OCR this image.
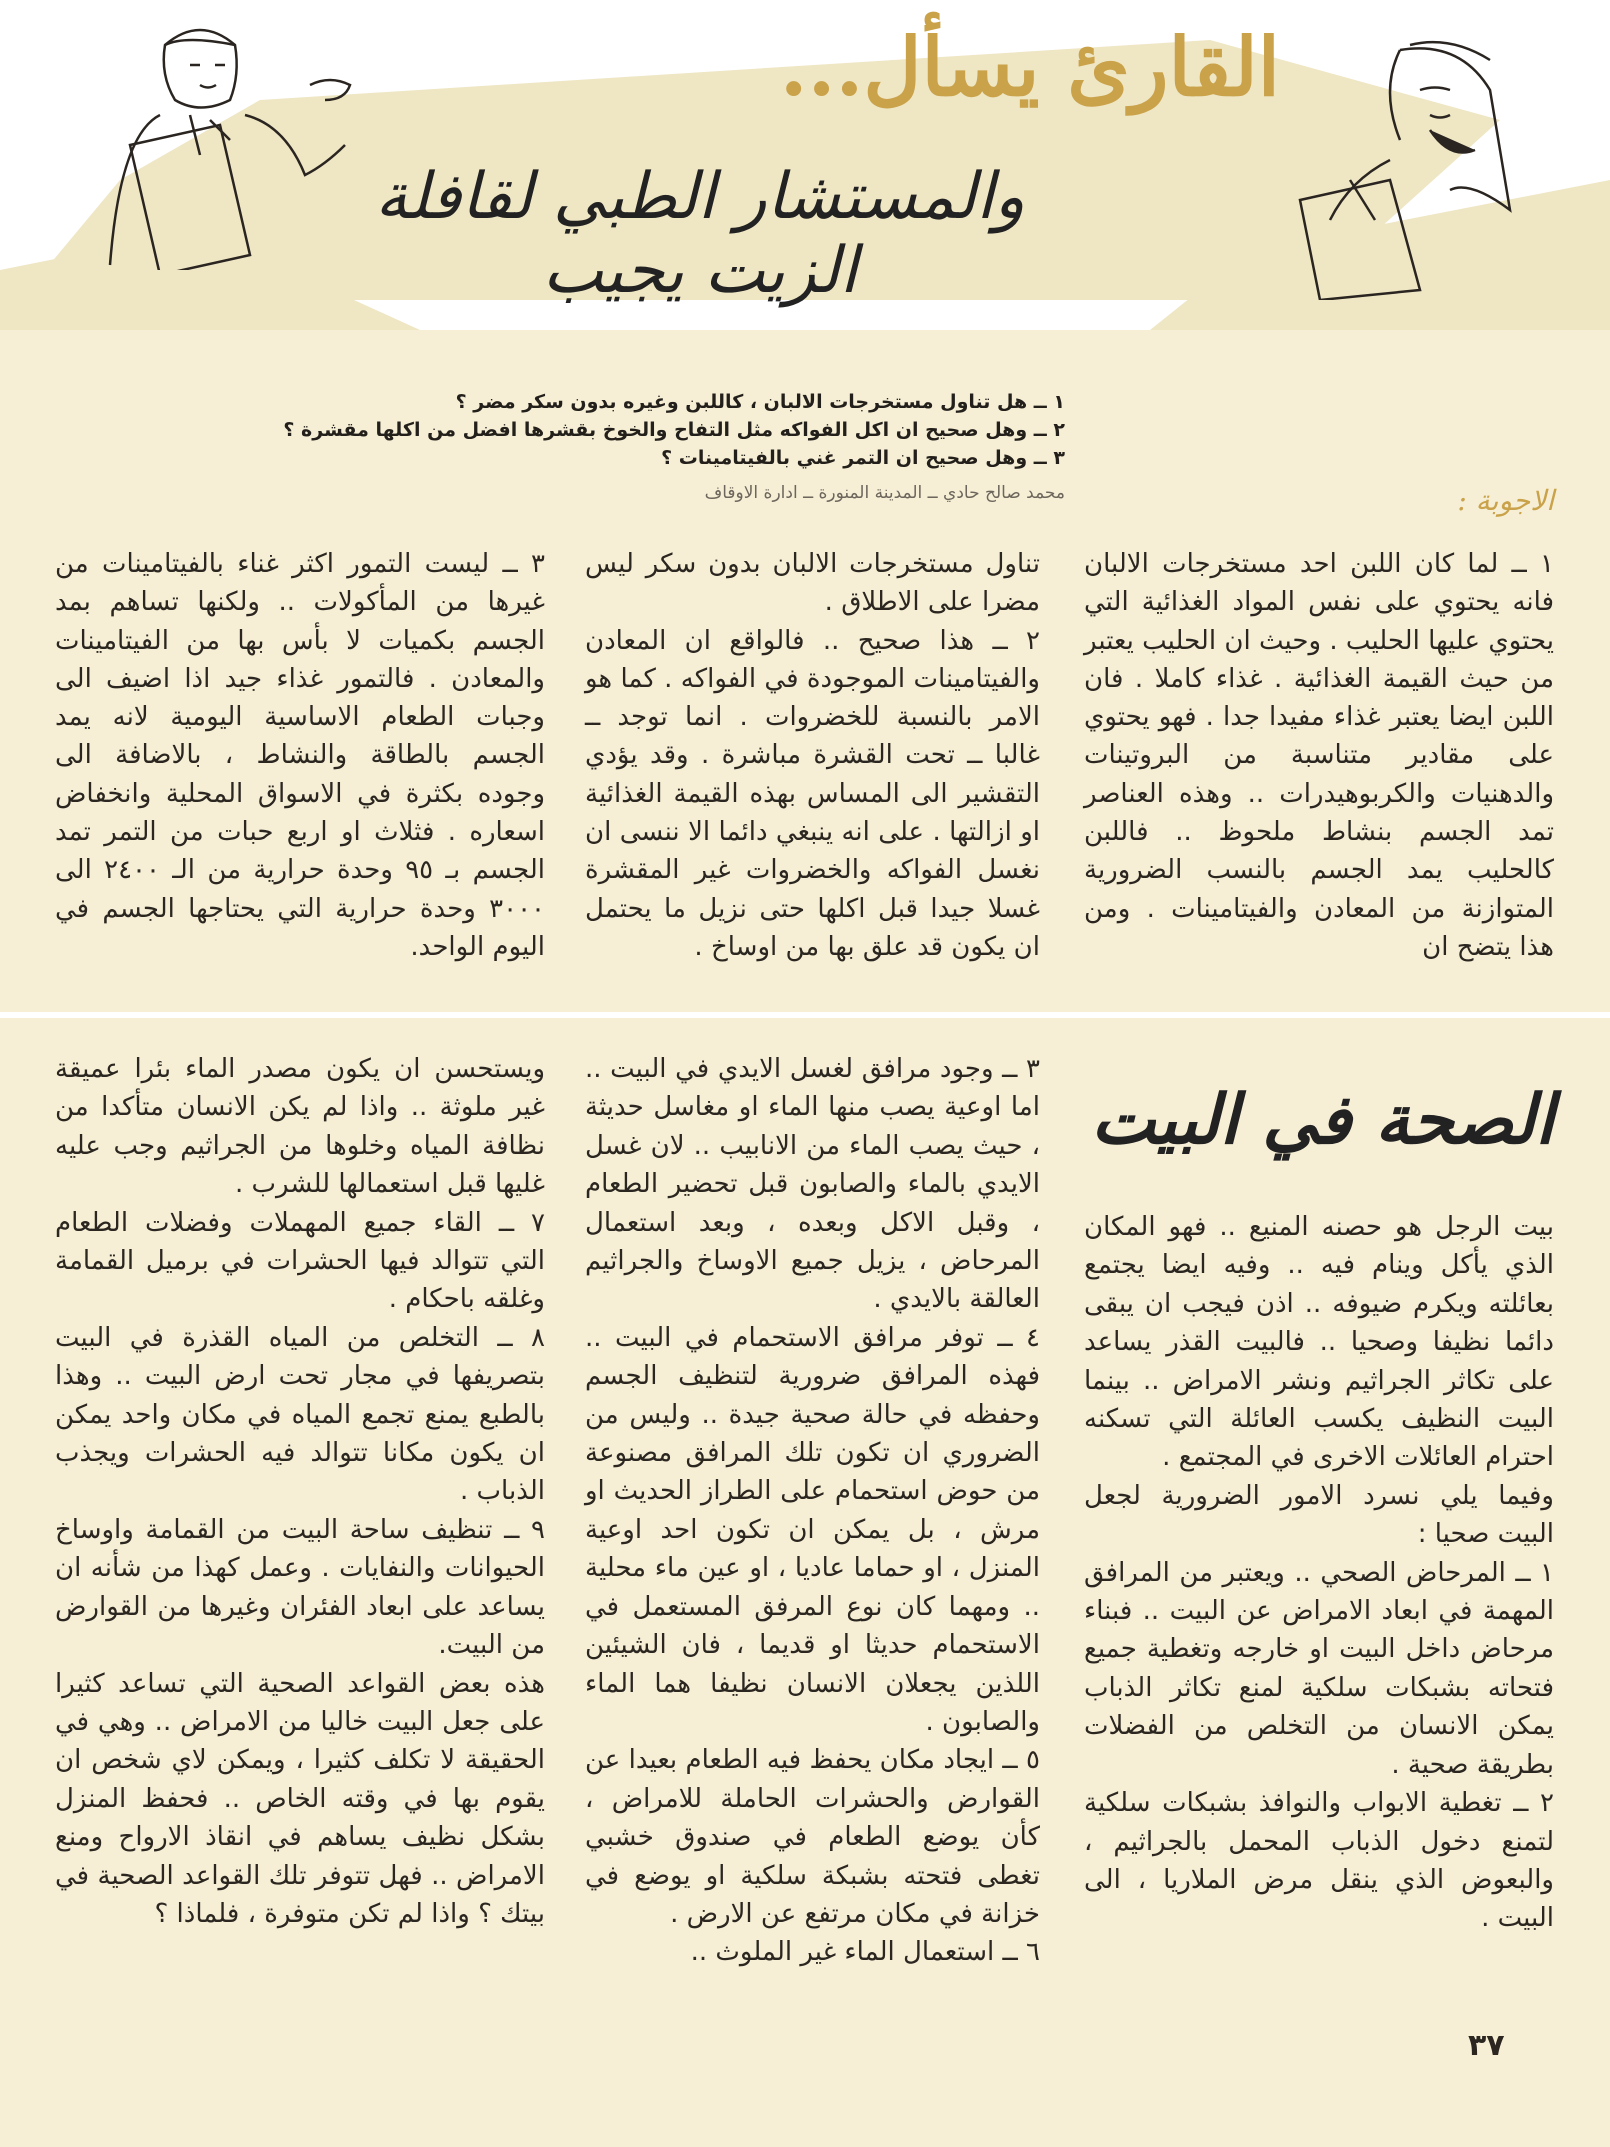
القارئ يسأل...
والمستشار الطبي لقافلة الزيت يجيب
١ ــ هل تناول مستخرجات الالبان ، كاللبن وغيره بدون سكر مضر ؟
٢ ــ وهل صحيح ان اكل الفواكه مثل التفاح والخوخ بقشرها افضل من اكلها مقشرة ؟
٣ ــ وهل صحيح ان التمر غني بالفيتامينات ؟
محمد صالح حادي ــ المدينة المنورة ــ ادارة الاوقاف	الاجوبة :

١ ــ لما كان اللبن احد مستخرجات الالبان فانه يحتوي على نفس المواد الغذائية التي يحتوي عليها الحليب . وحيث ان الحليب يعتبر من حيث القيمة الغذائية . غذاء كاملا . فان اللبن ايضا يعتبر غذاء مفيدا جدا . فهو يحتوي على مقادير متناسبة من البروتينات والدهنيات والكربوهيدرات .. وهذه العناصر تمد الجسم بنشاط ملحوظ .. فاللبن كالحليب يمد الجسم بالنسب الضرورية المتوازنة من المعادن والفيتامينات . ومن هذا يتضح ان

تناول مستخرجات الالبان بدون سكر ليس مضرا على الاطلاق .

٢ ــ هذا صحيح .. فالواقع ان المعادن والفيتامينات الموجودة في الفواكه . كما هو الامر بالنسبة للخضروات . انما توجد ــ غالبا ــ تحت القشرة مباشرة . وقد يؤدي التقشير الى المساس بهذه القيمة الغذائية او ازالتها . على انه ينبغي دائما الا ننسى ان نغسل الفواكه والخضروات غير المقشرة غسلا جيدا قبل اكلها حتى نزيل ما يحتمل ان يكون قد علق بها من اوساخ .

٣ ــ ليست التمور اكثر غناء بالفيتامينات من غيرها من المأكولات .. ولكنها تساهم بمد الجسم بكميات لا بأس بها من الفيتامينات والمعادن . فالتمور غذاء جيد اذا اضيف الى وجبات الطعام الاساسية اليومية لانه يمد الجسم بالطاقة والنشاط ، بالاضافة الى وجوده بكثرة في الاسواق المحلية وانخفاض اسعاره . فثلاث او اربع حبات من التمر تمد الجسم بـ ٩٥ وحدة حرارية من الـ ٢٤٠٠ الى ٣٠٠٠ وحدة حرارية التي يحتاجها الجسم في اليوم الواحد.

الصحة في البيت

بيت الرجل هو حصنه المنيع .. فهو المكان الذي يأكل وينام فيه .. وفيه ايضا يجتمع بعائلته ويكرم ضيوفه .. اذن فيجب ان يبقى دائما نظيفا وصحيا .. فالبيت القذر يساعد على تكاثر الجراثيم ونشر الامراض .. بينما البيت النظيف يكسب العائلة التي تسكنه احترام العائلات الاخرى في المجتمع .

وفيما يلي نسرد الامور الضرورية لجعل البيت صحيا :

١ ــ المرحاض الصحي .. ويعتبر من المرافق المهمة في ابعاد الامراض عن البيت .. فبناء مرحاض داخل البيت او خارجه وتغطية جميع فتحاته بشبكات سلكية لمنع تكاثر الذباب يمكن الانسان من التخلص من الفضلات بطريقة صحية .

٢ ــ تغطية الابواب والنوافذ بشبكات سلكية لتمنع دخول الذباب المحمل بالجراثيم ، والبعوض الذي ينقل مرض الملاريا ، الى البيت .

٣ ــ وجود مرافق لغسل الايدي في البيت .. اما اوعية يصب منها الماء او مغاسل حديثة ، حيث يصب الماء من الانابيب .. لان غسل الايدي بالماء والصابون قبل تحضير الطعام ، وقبل الاكل وبعده ، وبعد استعمال المرحاض ، يزيل جميع الاوساخ والجراثيم العالقة بالايدي .

٤ ــ توفر مرافق الاستحمام في البيت .. فهذه المرافق ضرورية لتنظيف الجسم وحفظه في حالة صحية جيدة .. وليس من الضروري ان تكون تلك المرافق مصنوعة من حوض استحمام على الطراز الحديث او مرش ، بل يمكن ان تكون احد اوعية المنزل ، او حماما عاديا ، او عين ماء محلية .. ومهما كان نوع المرفق المستعمل في الاستحمام حديثا او قديما ، فان الشيئين اللذين يجعلان الانسان نظيفا هما الماء والصابون .

٥ ــ ايجاد مكان يحفظ فيه الطعام بعيدا عن القوارض والحشرات الحاملة للامراض ، كأن يوضع الطعام في صندوق خشبي تغطى فتحته بشبكة سلكية او يوضع في خزانة في مكان مرتفع عن الارض .

٦ ــ استعمال الماء غير الملوث ..

ويستحسن ان يكون مصدر الماء بئرا عميقة غير ملوثة .. واذا لم يكن الانسان متأكدا من نظافة المياه وخلوها من الجراثيم وجب عليه غليها قبل استعمالها للشرب .

٧ ــ القاء جميع المهملات وفضلات الطعام التي تتوالد فيها الحشرات في برميل القمامة وغلقه باحكام .

٨ ــ التخلص من المياه القذرة في البيت بتصريفها في مجار تحت ارض البيت .. وهذا بالطبع يمنع تجمع المياه في مكان واحد يمكن ان يكون مكانا تتوالد فيه الحشرات ويجذب الذباب .

٩ ــ تنظيف ساحة البيت من القمامة واوساخ الحيوانات والنفايات . وعمل كهذا من شأنه ان يساعد على ابعاد الفئران وغيرها من القوارض من البيت.

هذه بعض القواعد الصحية التي تساعد كثيرا على جعل البيت خاليا من الامراض .. وهي في الحقيقة لا تكلف كثيرا ، ويمكن لاي شخص ان يقوم بها في وقته الخاص .. فحفظ المنزل بشكل نظيف يساهم في انقاذ الارواح ومنع الامراض .. فهل تتوفر تلك القواعد الصحية في بيتك ؟ واذا لم تكن متوفرة ، فلماذا ؟

٣٧
